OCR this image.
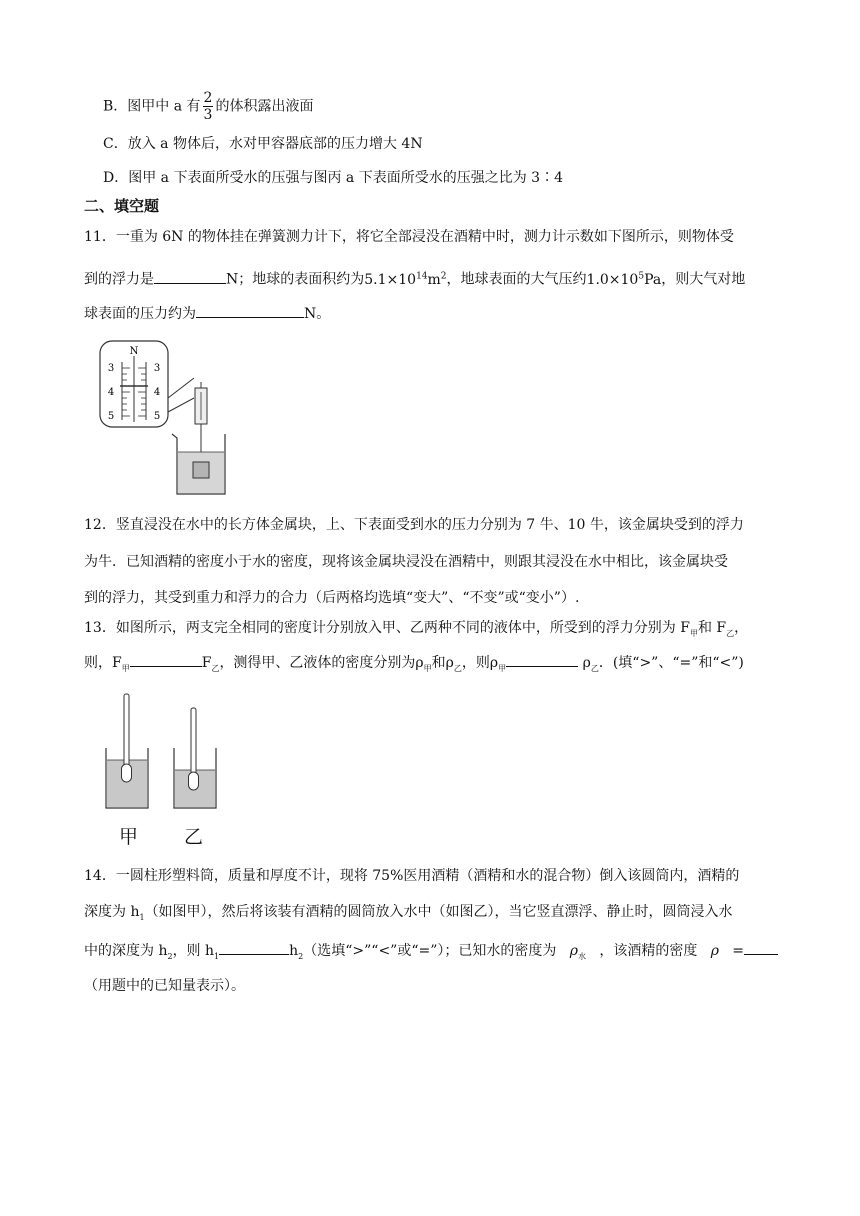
B．图甲中 a 有 $\frac{2}{3}$ 的体积露出液面
C．放入 a 物体后，水对甲容器底部的压力增大 4N
D．图甲 a 下表面所受水的压强与图丙 a 下表面所受水的压强之比为 3∶4
二、填空题
11．一重为 6N 的物体挂在弹簧测力计下，将它全部浸没在酒精中时，测力计示数如下图所示，则物体受
到的浮力是	N；地球的表面积约为$5.1\times 10^{14}m^2$，地球表面的大气压约$1.0\times 10^5Pa$，则大气对地
球表面的压力约为	N。
N
3
4
5
3
4
5
12．竖直浸没在水中的长方体金属块，上、下表面受到水的压力分别为 7 牛、10 牛，该金属块受到的浮力
为牛．已知酒精的密度小于水的密度，现将该金属块浸没在酒精中，则跟其浸没在水中相比，该金属块受
到的浮力，其受到重力和浮力的合力（后两格均选填“变大”、“不变”或“变小”）.
13．如图所示，两支完全相同的密度计分别放入甲、乙两种不同的液体中，所受到的浮力分别为 $F_甲$和 $F_乙$，
则，$F_甲$	$F_乙$，测得甲、乙液体的密度分别为$\rho_甲$和$\rho_乙$，则$\rho_甲$	$\rho_乙$．(填“>”、“=”和“<”)
甲 乙
14．一圆柱形塑料筒，质量和厚度不计，现将 75%医用酒精（酒精和水的混合物）倒入该圆筒内，酒精的
深度为 $h_1$（如图甲），然后将该装有酒精的圆筒放入水中（如图乙），当它竖直漂浮、静止时，圆筒浸入水
中的深度为 $h_2$，则 $h_1$	$h_2$（选填“>”“<”或“=”）；已知水的密度为 $\rho_水$ ，该酒精的密度 ρ =
（用题中的已知量表示）。
